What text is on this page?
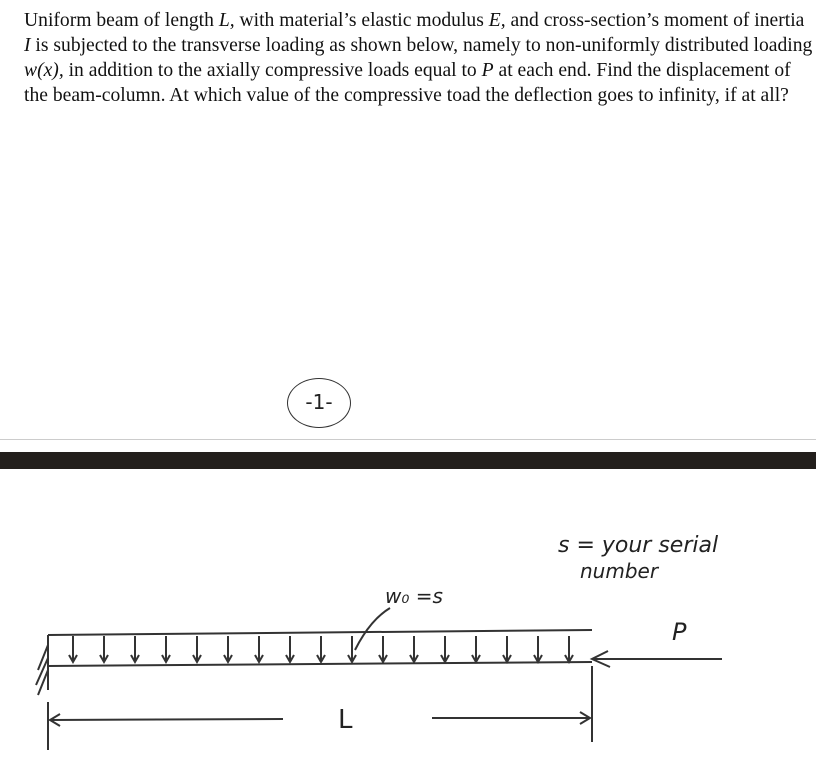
Uniform beam of length L, with material’s elastic modulus E, and cross-section’s moment of inertia I is subjected to the transverse loading as shown below, namely to non-uniformly distributed loading w(x), in addition to the axially compressive loads equal to P at each end. Find the displacement of the beam-column. At which value of the compressive toad the deflection goes to infinity, if at all?

-1-
w₀ =s
s = your serial
number
P
L
